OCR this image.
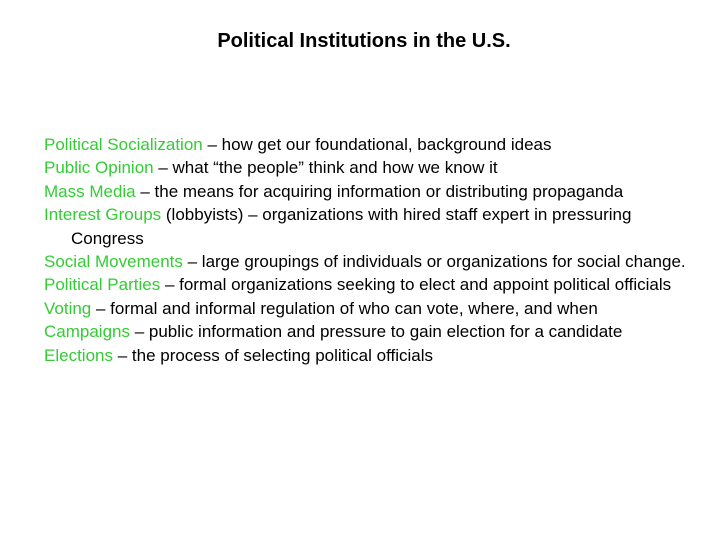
Political Institutions in the U.S.
Political Socialization – how get our foundational, background ideas
Public Opinion – what “the people” think and how we know it
Mass Media – the means for acquiring information or distributing propaganda
Interest Groups (lobbyists) – organizations with hired staff expert in pressuring Congress
Social Movements – large groupings of individuals or organizations for social change.
Political Parties – formal organizations seeking to elect and appoint political officials
Voting – formal and informal regulation of who can vote, where, and when
Campaigns – public information and pressure to gain election for a candidate
Elections – the process of selecting political officials
